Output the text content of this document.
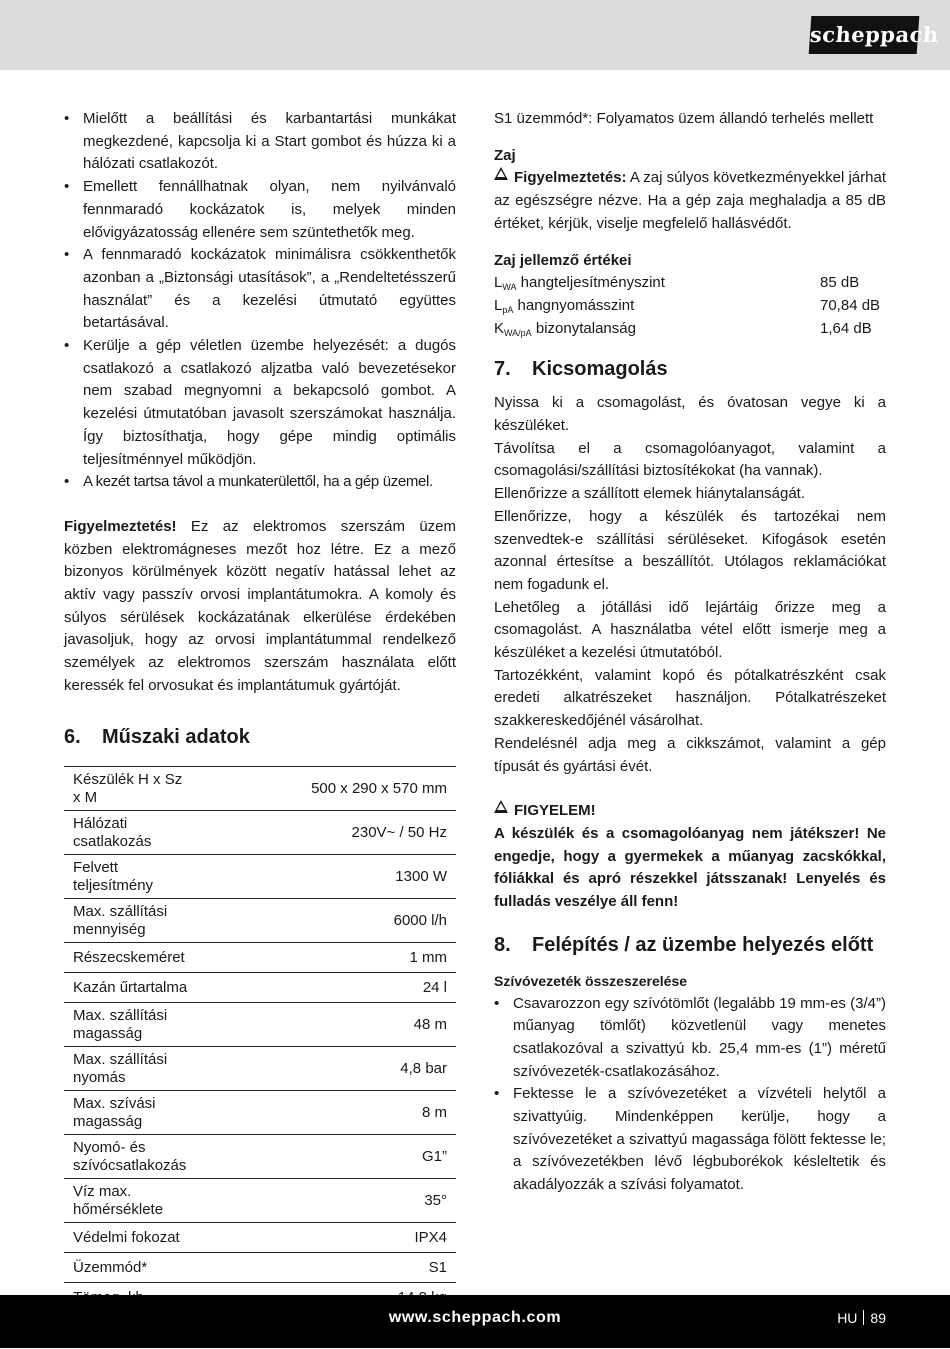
scheppach
• Mielőtt a beállítási és karbantartási munkákat megkezdené, kapcsolja ki a Start gombot és húzza ki a hálózati csatlakozót.
• Emellett fennállhatnak olyan, nem nyilvánvaló fennmaradó kockázatok is, melyek minden elővigyázatosság ellenére sem szüntethetők meg.
• A fennmaradó kockázatok minimálisra csökkenthetők azonban a „Biztonsági utasítások”, a „Rendeltetésszerű használat” és a kezelési útmutató együttes betartásával.
• Kerülje a gép véletlen üzembe helyezését: a dugós csatlakozó a csatlakozó aljzatba való bevezetésekor nem szabad megnyomni a bekapcsoló gombot. A kezelési útmutatóban javasolt szerszámokat használja. Így biztosíthatja, hogy gépe mindig optimális teljesítménnyel működjön.
• A kezét tartsa távol a munkaterülettől, ha a gép üzemel.

Figyelmeztetés! Ez az elektromos szerszám üzem közben elektromágneses mezőt hoz létre. Ez a mező bizonyos körülmények között negatív hatással lehet az aktív vagy passzív orvosi implantátumokra. A komoly és súlyos sérülések kockázatának elkerülése érdekében javasoljuk, hogy az orvosi implantátummal rendelkező személyek az elektromos szerszám használata előtt keressék fel orvosukat és implantátumuk gyártóját.

6. Műszaki adatok
Készülék H x Sz x M	500 x 290 x 570 mm
Hálózati csatlakozás	230V~ / 50 Hz
Felvett teljesítmény	1300 W
Max. szállítási mennyiség	6000 l/h
Részecskeméret	1 mm
Kazán űrtartalma	24 l
Max. szállítási magasság	48 m
Max. szállítási nyomás	4,8 bar
Max. szívási magasság	8 m
Nyomó- és szívócsatlakozás	G1”
Víz max. hőmérséklete	35°
Védelmi fokozat	IPX4
Üzemmód*	S1

S1 üzemmód*: Folyamatos üzem állandó terhelés mellett

Zaj

Figyelmeztetés: A zaj súlyos következményekkel járhat az egészségre nézve. Ha a gép zaja meghaladja a 85 dB értéket, kérjük, viselje megfelelő hallásvédőt.

Zaj jellemző értékei

$L_{WA}$ hangteljesítményszint	85 dB
$L_{pA}$ hangnyomásszint	70,84 dB
$K_{WA/pA}$ bizonytalanság	1,64 dB
7. Kicsomagolás

Nyissa ki a csomagolást, és óvatosan vegye ki a készüléket.

Távolítsa el a csomagolóanyagot, valamint a csomagolási/szállítási biztosítékokat (ha vannak).

Ellenőrizze a szállított elemek hiánytalanságát.

Ellenőrizze, hogy a készülék és tartozékai nem szenvedtek-e szállítási sérüléseket. Kifogások esetén azonnal értesítse a beszállítót. Utólagos reklamációkat nem fogadunk el.

Lehetőleg a jótállási idő lejártáig őrizze meg a csomagolást. A használatba vétel előtt ismerje meg a készüléket a kezelési útmutatóból.

Tartozékként, valamint kopó és pótalkatrészként csak eredeti alkatrészeket használjon. Pótalkatrészeket szakkereskedőjénél vásárolhat.

Rendelésnél adja meg a cikkszámot, valamint a gép típusát és gyártási évét.

FIGYELEM!

A készülék és a csomagolóanyag nem játékszer! Ne engedje, hogy a gyermekek a műanyag zacskókkal, fóliákkal és apró részekkel játsszanak! Lenyelés és fulladás veszélye áll fenn!

8. Felépítés / az üzembe helyezés előtt

Szívóvezeték összeszerelése

• Csavarozzon egy szívótömlőt (legalább 19 mm-es (3/4”) műanyag tömlőt) közvetlenül vagy menetes csatlakozóval a szivattyú kb. 25,4 mm-es (1”) méretű szívóvezeték-csatlakozásához.
• Fektesse le a szívóvezetéket a vízvételi helytől a szivattyúig. Mindenképpen kerülje, hogy a szívóvezetéket a szivattyú magassága fölött fektesse le; a szívóvezetékben lévő légbuborékok késleltetik és akadályozzák a szívási folyamatot.
www.scheppach.com	HU 89
